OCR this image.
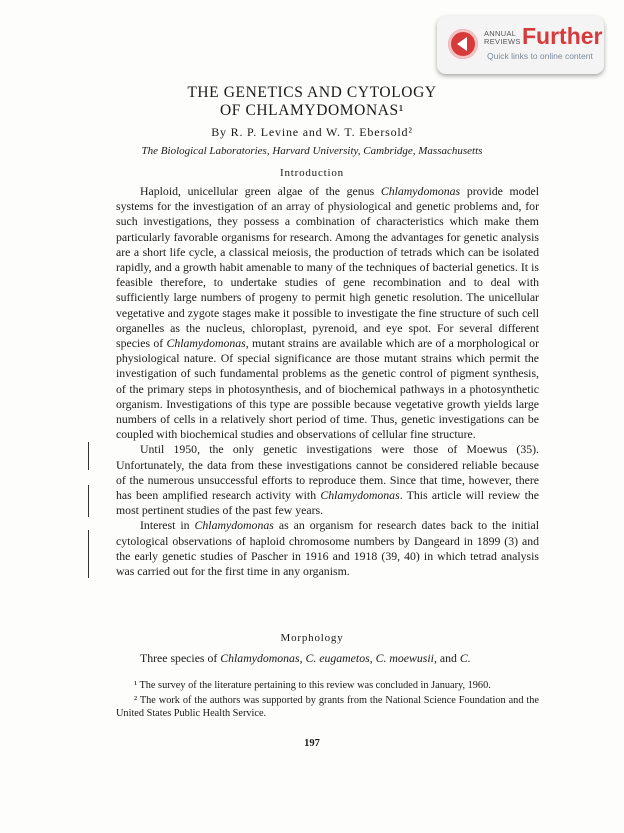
ANNUAL
REVIEWS Further
Quick links to online content
THE GENETICS AND CYTOLOGY
OF CHLAMYDOMONAS¹
By R. P. Levine and W. T. Ebersold²
The Biological Laboratories, Harvard University, Cambridge, Massachusetts
Introduction

Haploid, unicellular green algae of the genus Chlamydomonas provide model systems for the investigation of an array of physiological and genetic problems and, for such investigations, they possess a combination of characteristics which make them particularly favorable organisms for research. Among the advantages for genetic analysis are a short life cycle, a classical meiosis, the production of tetrads which can be isolated rapidly, and a growth habit amenable to many of the techniques of bacterial genetics. It is feasible therefore, to undertake studies of gene recombination and to deal with sufficiently large numbers of progeny to permit high genetic resolution. The unicellular vegetative and zygote stages make it possible to investigate the fine structure of such cell organelles as the nucleus, chloroplast, pyrenoid, and eye spot. For several different species of Chlamydomonas, mutant strains are available which are of a morphological or physiological nature. Of special significance are those mutant strains which permit the investigation of such fundamental problems as the genetic control of pigment synthesis, of the primary steps in photosynthesis, and of biochemical pathways in a photosynthetic organism. Investigations of this type are possible because vegetative growth yields large numbers of cells in a relatively short period of time. Thus, genetic investigations can be coupled with biochemical studies and observations of cellular fine structure.

Until 1950, the only genetic investigations were those of Moewus (35). Unfortunately, the data from these investigations cannot be considered reliable because of the numerous unsuccessful efforts to reproduce them. Since that time, however, there has been amplified research activity with Chlamydomonas. This article will review the most pertinent studies of the past few years.

Interest in Chlamydomonas as an organism for research dates back to the initial cytological observations of haploid chromosome numbers by Dangeard in 1899 (3) and the early genetic studies of Pascher in 1916 and 1918 (39, 40) in which tetrad analysis was carried out for the first time in any organism.

Morphology

Three species of Chlamydomonas, C. eugametos, C. moewusii, and C.

¹ The survey of the literature pertaining to this review was concluded in January, 1960.

² The work of the authors was supported by grants from the National Science Foundation and the United States Public Health Service.

197
